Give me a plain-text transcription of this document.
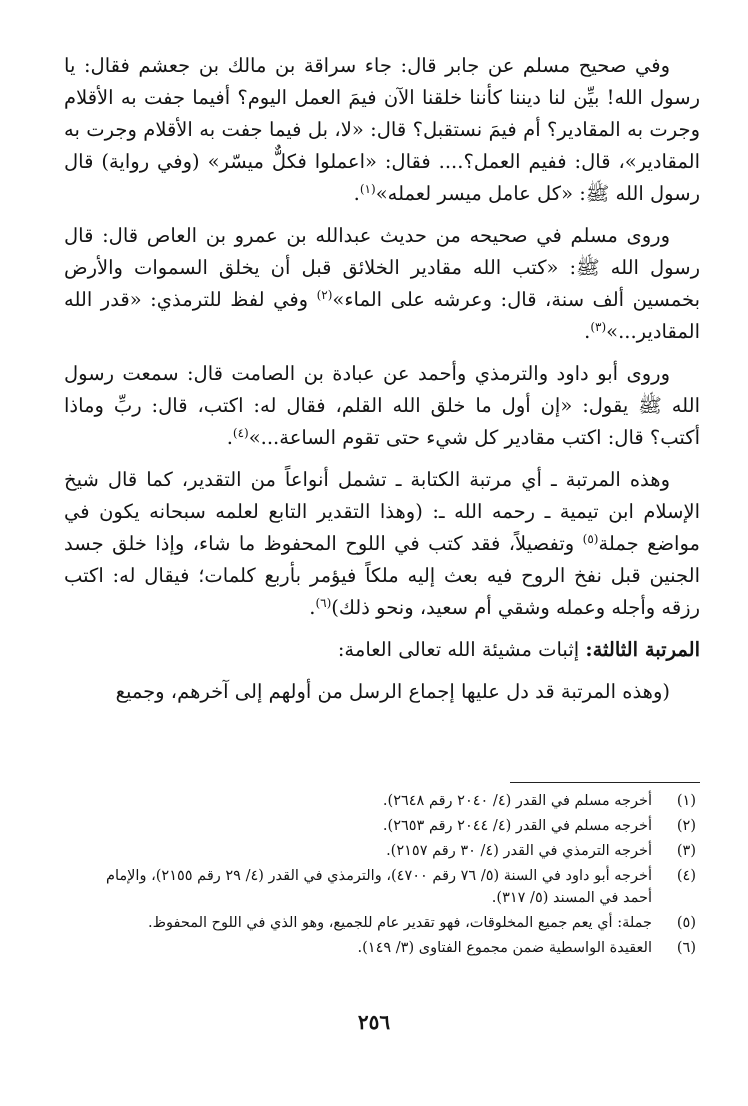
وفي صحيح مسلم عن جابر قال: جاء سراقة بن مالك بن جعشم فقال: يا رسول الله! بيِّن لنا ديننا كأننا خلقنا الآن فيمَ العمل اليوم؟ أفيما جفت به الأقلام وجرت به المقادير؟ أم فيمَ نستقبل؟ قال: «لا، بل فيما جفت به الأقلام وجرت به المقادير»، قال: ففيم العمل؟.... فقال: «اعملوا فكلٌّ ميسّر» (وفي رواية) قال رسول الله ﷺ: «كل عامل ميسر لعمله»$^{(١)}$.

وروى مسلم في صحيحه من حديث عبدالله بن عمرو بن العاص قال: قال رسول الله ﷺ: «كتب الله مقادير الخلائق قبل أن يخلق السموات والأرض بخمسين ألف سنة، قال: وعرشه على الماء»$^{(٢)}$ وفي لفظ للترمذي: «قدر الله المقادير...»$^{(٣)}$.

وروى أبو داود والترمذي وأحمد عن عبادة بن الصامت قال: سمعت رسول الله ﷺ يقول: «إن أول ما خلق الله القلم، فقال له: اكتب، قال: ربِّ وماذا أكتب؟ قال: اكتب مقادير كل شيء حتى تقوم الساعة...»$^{(٤)}$.

وهذه المرتبة ـ أي مرتبة الكتابة ـ تشمل أنواعاً من التقدير، كما قال شيخ الإسلام ابن تيمية ـ رحمه الله ـ: (وهذا التقدير التابع لعلمه سبحانه يكون في مواضع جملة$^{(٥)}$ وتفصيلاً، فقد كتب في اللوح المحفوظ ما شاء، وإذا خلق جسد الجنين قبل نفخ الروح فيه بعث إليه ملكاً فيؤمر بأربع كلمات؛ فيقال له: اكتب رزقه وأجله وعمله وشقي أم سعيد، ونحو ذلك)$^{(٦)}$.

المرتبة الثالثة: إثبات مشيئة الله تعالى العامة:

(وهذه المرتبة قد دل عليها إجماع الرسل من أولهم إلى آخرهم، وجميع

(١)
أخرجه مسلم في القدر (٤/ ٢٠٤٠ رقم ٢٦٤٨).
(٢)
أخرجه مسلم في القدر (٤/ ٢٠٤٤ رقم ٢٦٥٣).
(٣)
أخرجه الترمذي في القدر (٤/ ٣٠ رقم ٢١٥٧).
(٤)
أخرجه أبو داود في السنة (٥/ ٧٦ رقم ٤٧٠٠)، والترمذي في القدر (٤/ ٢٩ رقم ٢١٥٥)، والإمام أحمد في المسند (٥/ ٣١٧).
(٥)
جملة: أي يعم جميع المخلوقات، فهو تقدير عام للجميع، وهو الذي في اللوح المحفوظ.
(٦)
العقيدة الواسطية ضمن مجموع الفتاوى (٣/ ١٤٩).
٢٥٦
